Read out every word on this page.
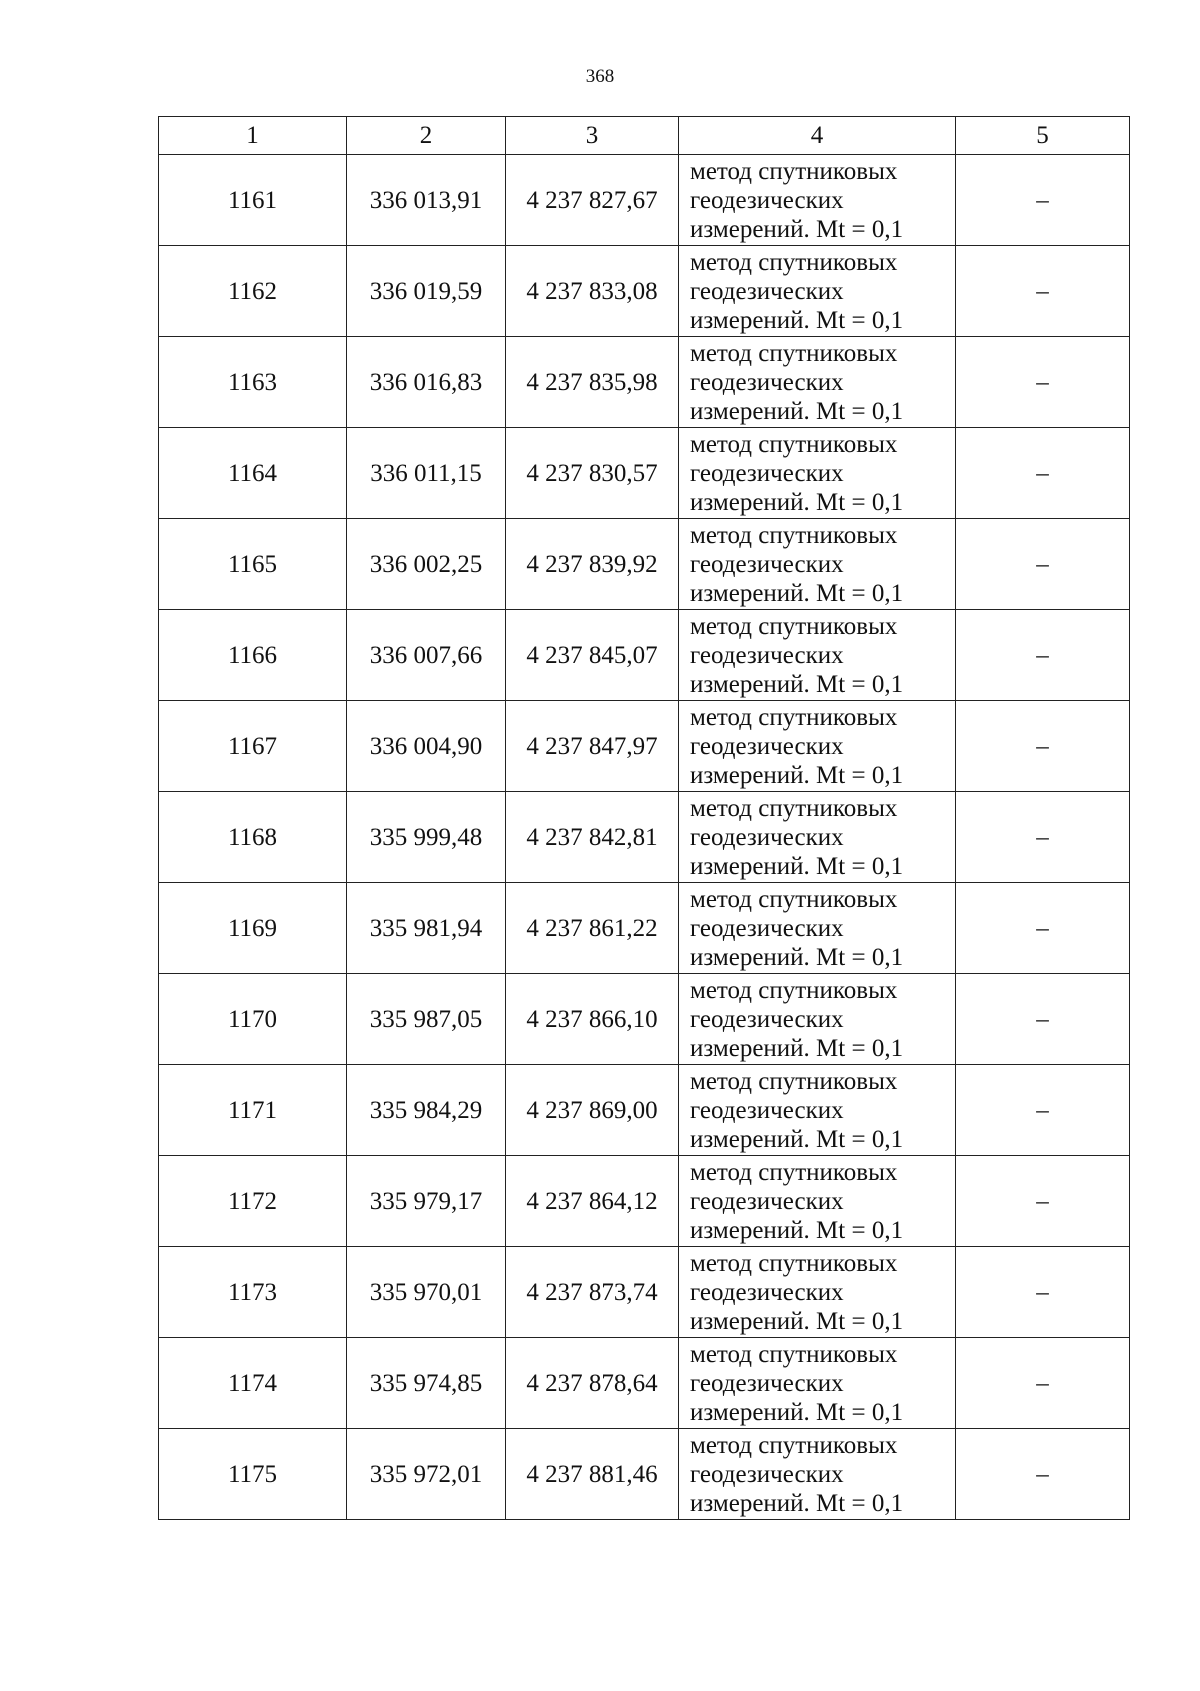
368
1	2	3	4	5
1161	336 013,91	4 237 827,67	метод спутниковых
геодезических
измерений. Mt = 0,1	–
1162	336 019,59	4 237 833,08	метод спутниковых
геодезических
измерений. Mt = 0,1	–
1163	336 016,83	4 237 835,98	метод спутниковых
геодезических
измерений. Mt = 0,1	–
1164	336 011,15	4 237 830,57	метод спутниковых
геодезических
измерений. Mt = 0,1	–
1165	336 002,25	4 237 839,92	метод спутниковых
геодезических
измерений. Mt = 0,1	–
1166	336 007,66	4 237 845,07	метод спутниковых
геодезических
измерений. Mt = 0,1	–
1167	336 004,90	4 237 847,97	метод спутниковых
геодезических
измерений. Mt = 0,1	–
1168	335 999,48	4 237 842,81	метод спутниковых
геодезических
измерений. Mt = 0,1	–
1169	335 981,94	4 237 861,22	метод спутниковых
геодезических
измерений. Mt = 0,1	–
1170	335 987,05	4 237 866,10	метод спутниковых
геодезических
измерений. Mt = 0,1	–
1171	335 984,29	4 237 869,00	метод спутниковых
геодезических
измерений. Mt = 0,1	–
1172	335 979,17	4 237 864,12	метод спутниковых
геодезических
измерений. Mt = 0,1	–
1173	335 970,01	4 237 873,74	метод спутниковых
геодезических
измерений. Mt = 0,1	–
1174	335 974,85	4 237 878,64	метод спутниковых
геодезических
измерений. Mt = 0,1	–
1175	335 972,01	4 237 881,46	метод спутниковых
геодезических
измерений. Mt = 0,1	–
